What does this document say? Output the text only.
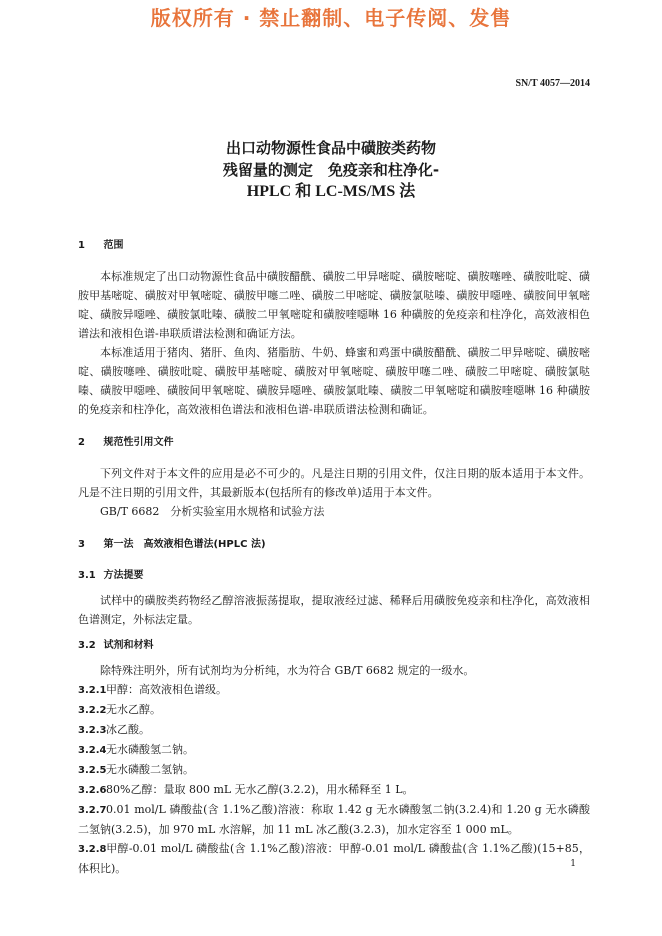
版权所有 · 禁止翻制、电子传阅、发售
SN/T 4057—2014
出口动物源性食品中磺胺类药物
残留量的测定　免疫亲和柱净化-
HPLC 和 LC-MS/MS 法
1 范围

本标准规定了出口动物源性食品中磺胺醋酰、磺胺二甲异嘧啶、磺胺嘧啶、磺胺噻唑、磺胺吡啶、磺胺甲基嘧啶、磺胺对甲氧嘧啶、磺胺甲噻二唑、磺胺二甲嘧啶、磺胺氯哒嗪、磺胺甲噁唑、磺胺间甲氧嘧啶、磺胺异噁唑、磺胺氯吡嗪、磺胺二甲氧嘧啶和磺胺喹噁啉 16 种磺胺的免疫亲和柱净化，高效液相色谱法和液相色谱-串联质谱法检测和确证方法。

本标准适用于猪肉、猪肝、鱼肉、猪脂肪、牛奶、蜂蜜和鸡蛋中磺胺醋酰、磺胺二甲异嘧啶、磺胺嘧啶、磺胺噻唑、磺胺吡啶、磺胺甲基嘧啶、磺胺对甲氧嘧啶、磺胺甲噻二唑、磺胺二甲嘧啶、磺胺氯哒嗪、磺胺甲噁唑、磺胺间甲氧嘧啶、磺胺异噁唑、磺胺氯吡嗪、磺胺二甲氧嘧啶和磺胺喹噁啉 16 种磺胺的免疫亲和柱净化，高效液相色谱法和液相色谱-串联质谱法检测和确证。

2 规范性引用文件

下列文件对于本文件的应用是必不可少的。凡是注日期的引用文件，仅注日期的版本适用于本文件。凡是不注日期的引用文件，其最新版本(包括所有的修改单)适用于本文件。

GB/T 6682　分析实验室用水规格和试验方法

3 第一法　高效液相色谱法(HPLC 法)
3.1 方法提要

试样中的磺胺类药物经乙醇溶液振荡提取，提取液经过滤、稀释后用磺胺免疫亲和柱净化，高效液相色谱测定，外标法定量。

3.2 试剂和材料

除特殊注明外，所有试剂均为分析纯，水为符合 GB/T 6682 规定的一级水。

3.2.1甲醇：高效液相色谱级。
3.2.2无水乙醇。
3.2.3冰乙酸。
3.2.4无水磷酸氢二钠。
3.2.5无水磷酸二氢钠。
3.2.680%乙醇：量取 800 mL 无水乙醇(3.2.2)，用水稀释至 1 L。
3.2.70.01 mol/L 磷酸盐(含 1.1%乙酸)溶液：称取 1.42 g 无水磷酸氢二钠(3.2.4)和 1.20 g 无水磷酸二氢钠(3.2.5)，加 970 mL 水溶解，加 11 mL 冰乙酸(3.2.3)，加水定容至 1 000 mL。
3.2.8甲醇-0.01 mol/L 磷酸盐(含 1.1%乙酸)溶液：甲醇-0.01 mol/L 磷酸盐(含 1.1%乙酸)(15+85，体积比)。	1
